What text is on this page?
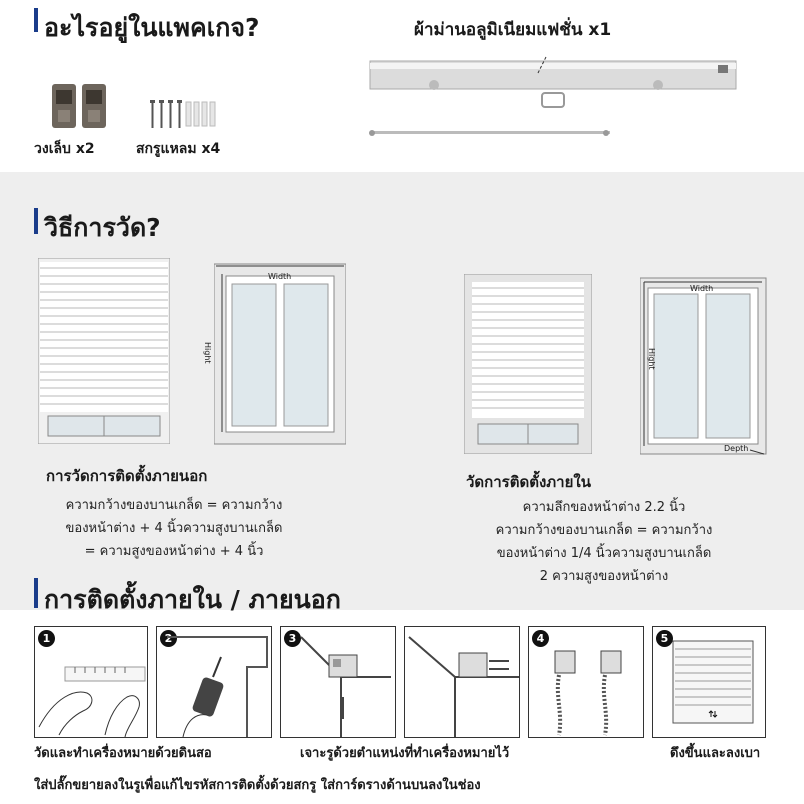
อะไรอยู่ในแพคเกจ?	ผ้าม่านอลูมิเนียมแฟชั่น x1
วงเล็บ x2	สกรูแหลม x4
วิธีการวัด?
Width
Hight
Width
Hight
Depth
การวัดการติดตั้งภายนอก
ความกว้างของบานเกล็ด = ความกว้าง
ของหน้าต่าง + 4 นิ้วความสูงบานเกล็ด
= ความสูงของหน้าต่าง + 4 นิ้ว
วัดการติดตั้งภายใน
ความลึกของหน้าต่าง 2.2 นิ้ว
ความกว้างของบานเกล็ด = ความกว้าง
ของหน้าต่าง 1/4 นิ้วความสูงบานเกล็ด
2 ความสูงของหน้าต่าง
การติดตั้งภายใน / ภายนอก
1	2	3	4	5
วัดและทำเครื่องหมายด้วยดินสอ	เจาะรูด้วยตำแหน่งที่ทำเครื่องหมายไว้	ดึงขึ้นและลงเบา
ใส่ปลั๊กขยายลงในรูเพื่อแก้ไขรหัสการติดตั้งด้วยสกรู ใส่การ์ดรางด้านบนลงในช่อง
